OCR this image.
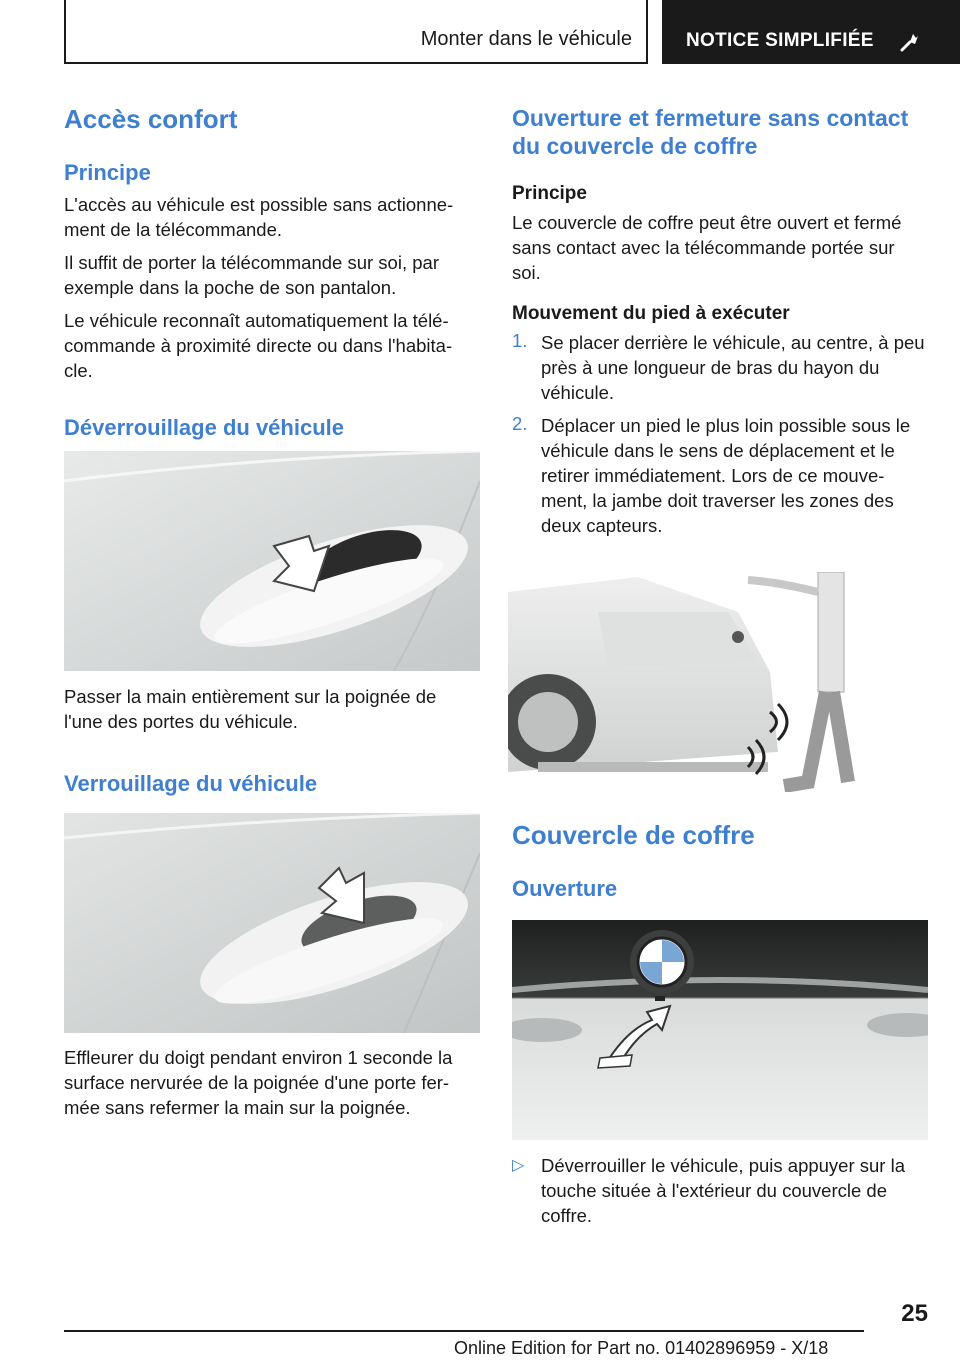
Monter dans le véhicule	NOTICE SIMPLIFIÉE
Accès confort
Principe

L'accès au véhicule est possible sans actionne-ment de la télécommande.

Il suffit de porter la télécommande sur soi, par exemple dans la poche de son pantalon.

Le véhicule reconnaît automatiquement la télé-commande à proximité directe ou dans l'habita-cle.

Déverrouillage du véhicule

Passer la main entièrement sur la poignée de l'une des portes du véhicule.

Verrouillage du véhicule

Effleurer du doigt pendant environ 1 seconde la surface nervurée de la poignée d'une porte fer-mée sans refermer la main sur la poignée.

Ouverture et fermeture sans contact du couvercle de coffre
Principe

Le couvercle de coffre peut être ouvert et fermé sans contact avec la télécommande portée sur soi.

Mouvement du pied à exécuter
1. Se placer derrière le véhicule, au centre, à peu près à une longueur de bras du hayon du véhicule.

2. Déplacer un pied le plus loin possible sous le véhicule dans le sens de déplacement et le retirer immédiatement. Lors de ce mouve-ment, la jambe doit traverser les zones des deux capteurs.

Couvercle de coffre
Ouverture
▷ Déverrouiller le véhicule, puis appuyer sur la touche située à l'extérieur du couvercle de coffre.

25
Online Edition for Part no. 01402896959 - X/18
